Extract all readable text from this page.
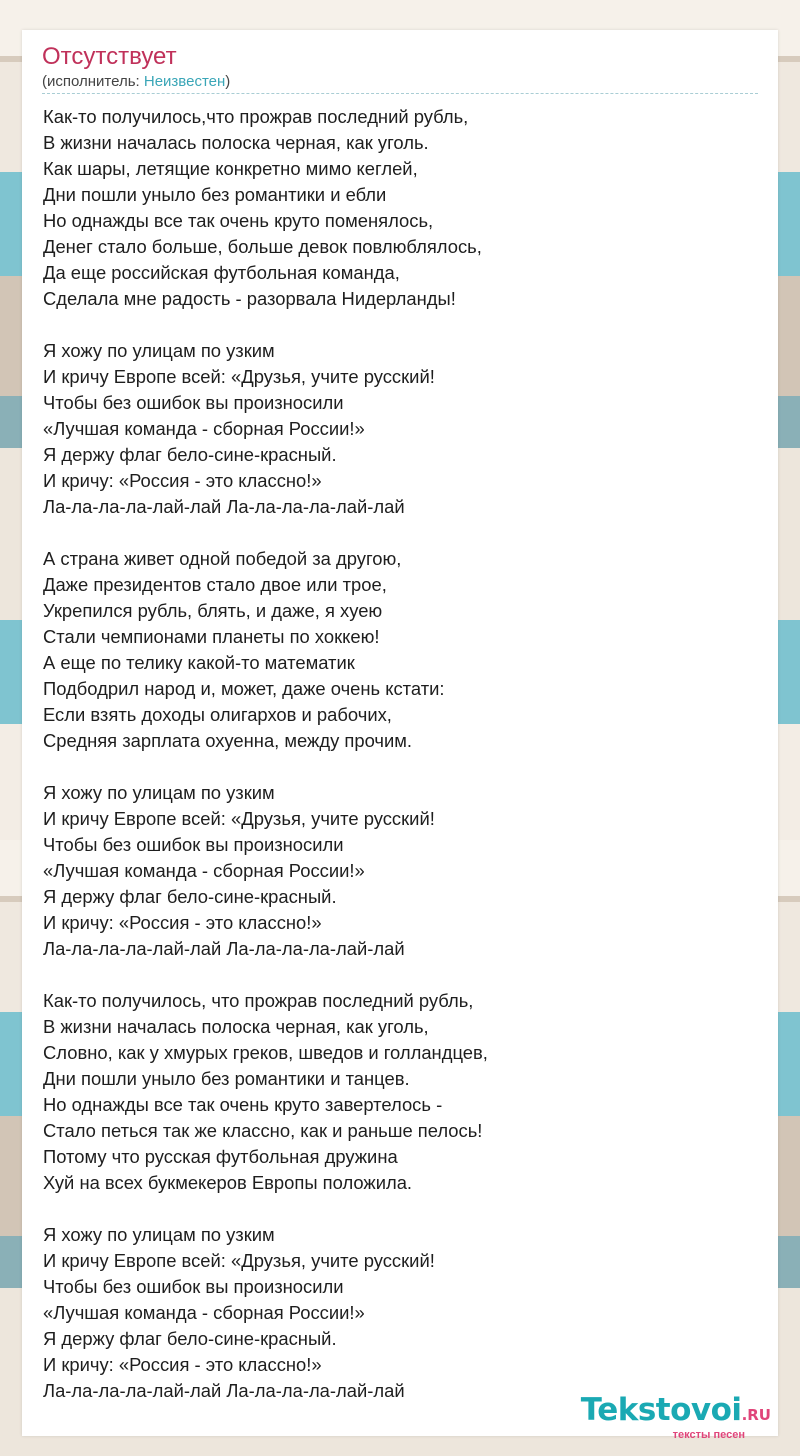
Отсутствует
(исполнитель: Неизвестен)
Как-то получилось,что прожрав последний рубль,
В жизни началась полоска черная, как уголь.
Как шары, летящие конкретно мимо кеглей,
Дни пошли уныло без романтики и ебли
Но однажды все так очень круто поменялось,
Денег стало больше, больше девок повлюблялось,
Да еще российская футбольная команда,
Сделала мне радость - разорвала Нидерланды!
Я хожу по улицам по узким
И кричу Европе всей: «Друзья, учите русский!
Чтобы без ошибок вы произносили
«Лучшая команда - сборная России!»
Я держу флаг бело-сине-красный.
И кричу: «Россия - это классно!»
Ла-ла-ла-ла-лай-лай Ла-ла-ла-ла-лай-лай
А страна живет одной победой за другою,
Даже президентов стало двое или трое,
Укрепился рубль, блять, и даже, я хуею
Стали чемпионами планеты по хоккею!
А еще по телику какой-то математик
Подбодрил народ и, может, даже очень кстати:
Если взять доходы олигархов и рабочих,
Средняя зарплата охуенна, между прочим.
Я хожу по улицам по узким
И кричу Европе всей: «Друзья, учите русский!
Чтобы без ошибок вы произносили
«Лучшая команда - сборная России!»
Я держу флаг бело-сине-красный.
И кричу: «Россия - это классно!»
Ла-ла-ла-ла-лай-лай Ла-ла-ла-ла-лай-лай
Как-то получилось, что прожрав последний рубль,
В жизни началась полоска черная, как уголь,
Словно, как у хмурых греков, шведов и голландцев,
Дни пошли уныло без романтики и танцев.
Но однажды все так очень круто завертелось -
Стало петься так же классно, как и раньше пелось!
Потому что русская футбольная дружина
Хуй на всех букмекеров Европы положила.
Я хожу по улицам по узким
И кричу Европе всей: «Друзья, учите русский!
Чтобы без ошибок вы произносили
«Лучшая команда - сборная России!»
Я держу флаг бело-сине-красный.
И кричу: «Россия - это классно!»
Ла-ла-ла-ла-лай-лай Ла-ла-ла-ла-лай-лай
Tekstovoi.RU
тексты песен
